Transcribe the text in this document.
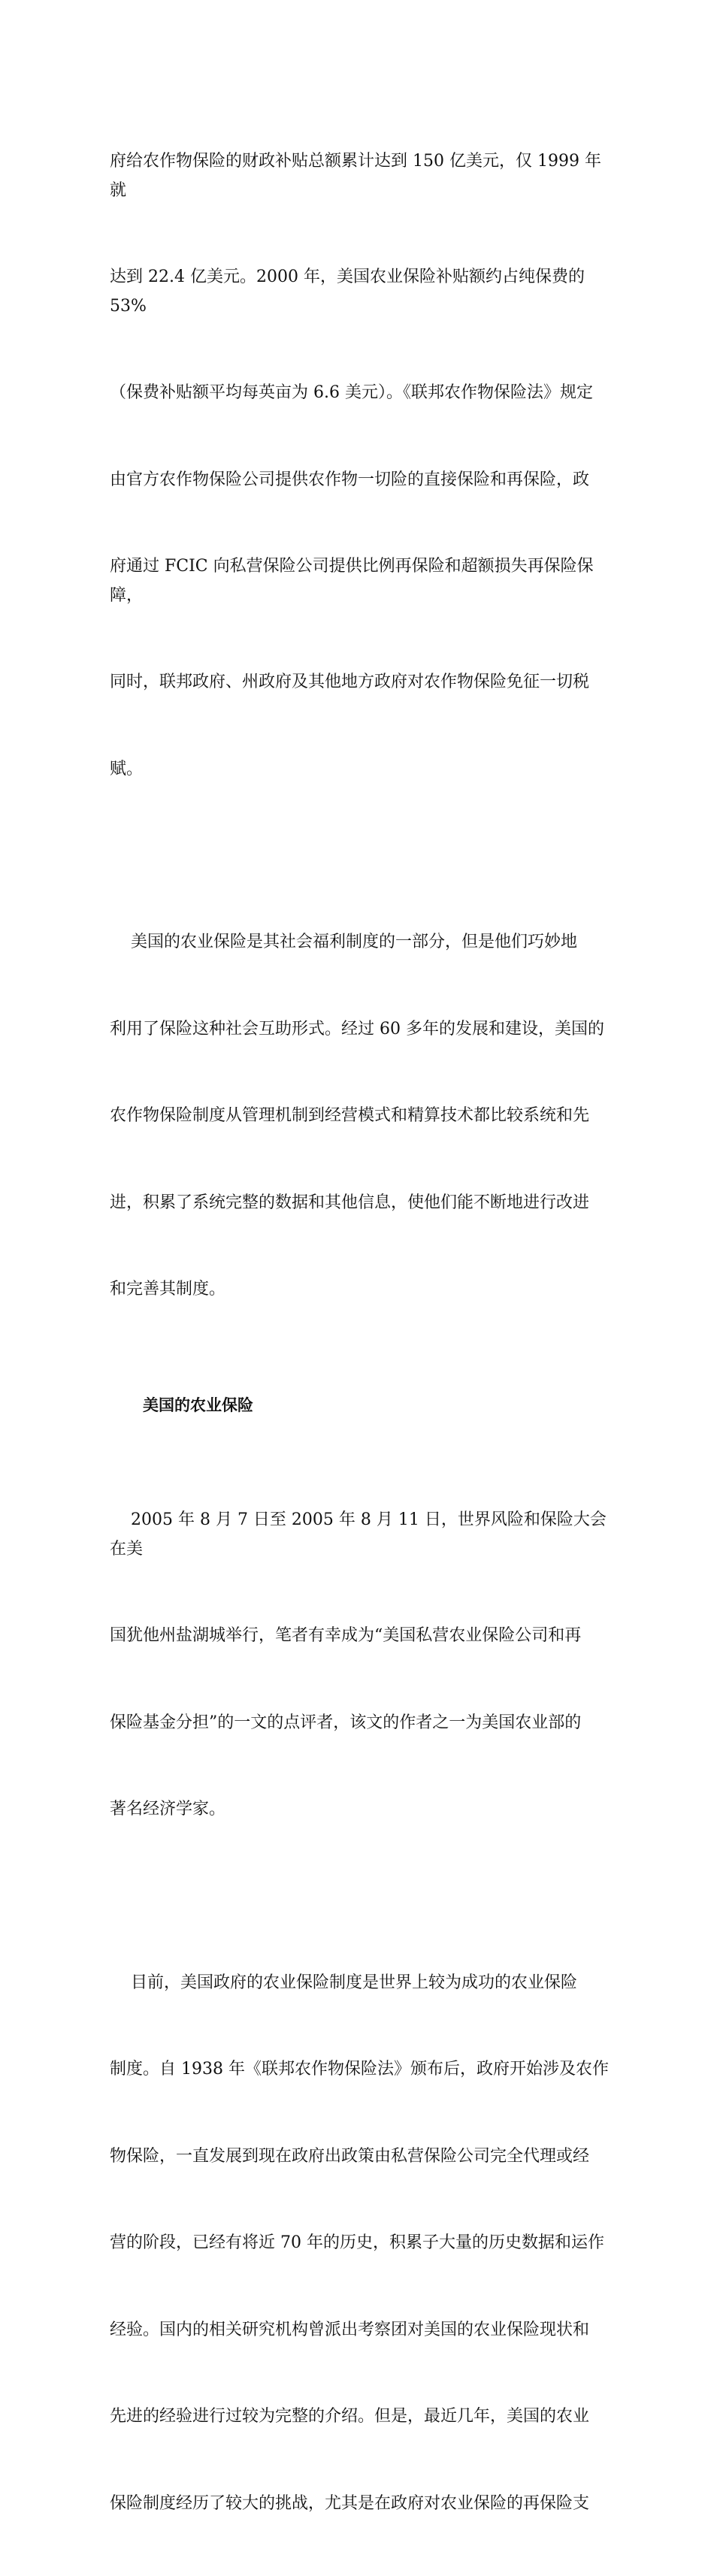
府给农作物保险的财政补贴总额累计达到 150 亿美元，仅 1999 年就

达到 22.4 亿美元。2000 年，美国农业保险补贴额约占纯保费的 53%

（保费补贴额平均每英亩为 6.6 美元）。《联邦农作物保险法》规定

由官方农作物保险公司提供农作物一切险的直接保险和再保险，政

府通过 FCIC 向私营保险公司提供比例再保险和超额损失再保险保障，

同时，联邦政府、州政府及其他地方政府对农作物保险免征一切税

赋。

美国的农业保险是其社会福利制度的一部分，但是他们巧妙地

利用了保险这种社会互助形式。经过 60 多年的发展和建设，美国的

农作物保险制度从管理机制到经营模式和精算技术都比较系统和先

进，积累了系统完整的数据和其他信息，使他们能不断地进行改进

和完善其制度。

美国的农业保险

2005 年 8 月 7 日至 2005 年 8 月 11 日，世界风险和保险大会在美

国犹他州盐湖城举行，笔者有幸成为“美国私营农业保险公司和再

保险基金分担”的一文的点评者，该文的作者之一为美国农业部的

著名经济学家。

目前，美国政府的农业保险制度是世界上较为成功的农业保险

制度。自 1938 年《联邦农作物保险法》颁布后，政府开始涉及农作

物保险，一直发展到现在政府出政策由私营保险公司完全代理或经

营的阶段，已经有将近 70 年的历史，积累子大量的历史数据和运作

经验。国内的相关研究机构曾派出考察团对美国的农业保险现状和

先进的经验进行过较为完整的介绍。但是，最近几年，美国的农业

保险制度经历了较大的挑战，尤其是在政府对农业保险的再保险支
